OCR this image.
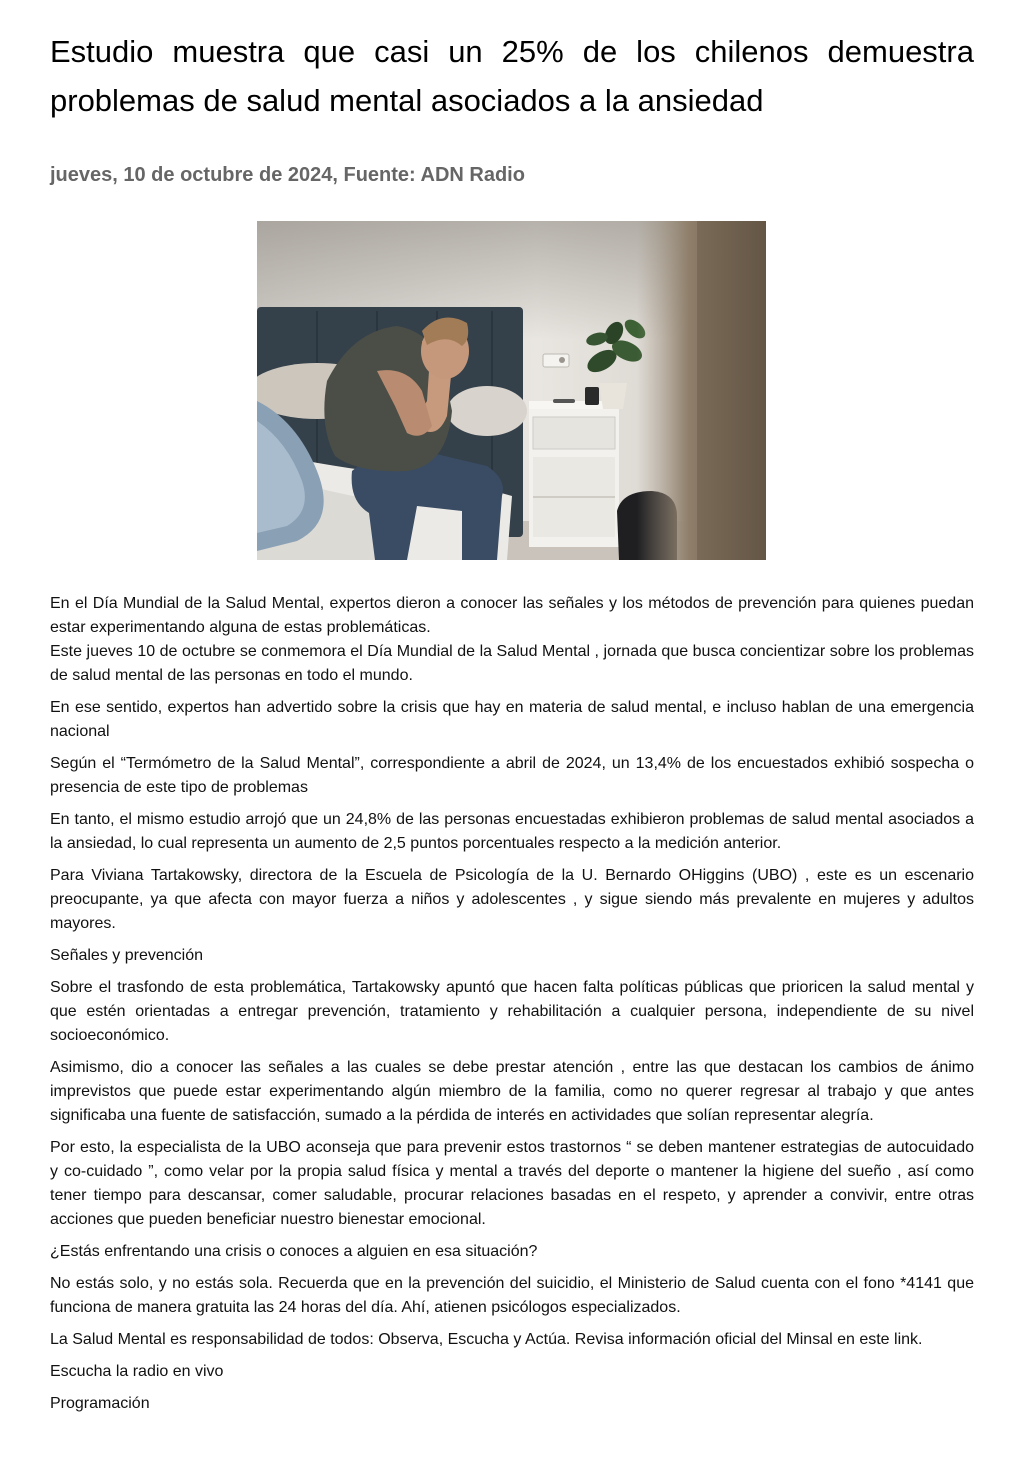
Estudio muestra que casi un 25% de los chilenos demuestra problemas de salud mental asociados a la ansiedad
jueves, 10 de octubre de 2024, Fuente: ADN Radio

En el Día Mundial de la Salud Mental, expertos dieron a conocer las señales y los métodos de prevención para quienes puedan estar experimentando alguna de estas problemáticas.

Este jueves 10 de octubre se conmemora el Día Mundial de la Salud Mental , jornada que busca concientizar sobre los problemas de salud mental de las personas en todo el mundo.

En ese sentido, expertos han advertido sobre la crisis que hay en materia de salud mental, e incluso hablan de una emergencia nacional

Según el “Termómetro de la Salud Mental”, correspondiente a abril de 2024, un 13,4% de los encuestados exhibió sospecha o presencia de este tipo de problemas

En tanto, el mismo estudio arrojó que un 24,8% de las personas encuestadas exhibieron problemas de salud mental asociados a la ansiedad, lo cual representa un aumento de 2,5 puntos porcentuales respecto a la medición anterior.

Para Viviana Tartakowsky, directora de la Escuela de Psicología de la U. Bernardo OHiggins (UBO) , este es un escenario preocupante, ya que afecta con mayor fuerza a niños y adolescentes , y sigue siendo más prevalente en mujeres y adultos mayores.

Señales y prevención

Sobre el trasfondo de esta problemática, Tartakowsky apuntó que hacen falta políticas públicas que prioricen la salud mental y que estén orientadas a entregar prevención, tratamiento y rehabilitación a cualquier persona, independiente de su nivel socioeconómico.

Asimismo, dio a conocer las señales a las cuales se debe prestar atención , entre las que destacan los cambios de ánimo imprevistos que puede estar experimentando algún miembro de la familia, como no querer regresar al trabajo y que antes significaba una fuente de satisfacción, sumado a la pérdida de interés en actividades que solían representar alegría.

Por esto, la especialista de la UBO aconseja que para prevenir estos trastornos “ se deben mantener estrategias de autocuidado y co-cuidado ”, como velar por la propia salud física y mental a través del deporte o mantener la higiene del sueño , así como tener tiempo para descansar, comer saludable, procurar relaciones basadas en el respeto, y aprender a convivir, entre otras acciones que pueden beneficiar nuestro bienestar emocional.

¿Estás enfrentando una crisis o conoces a alguien en esa situación?

No estás solo, y no estás sola. Recuerda que en la prevención del suicidio, el Ministerio de Salud cuenta con el fono *4141 que funciona de manera gratuita las 24 horas del día. Ahí, atienen psicólogos especializados.

La Salud Mental es responsabilidad de todos: Observa, Escucha y Actúa. Revisa información oficial del Minsal en este link.

Escucha la radio en vivo

Programación
